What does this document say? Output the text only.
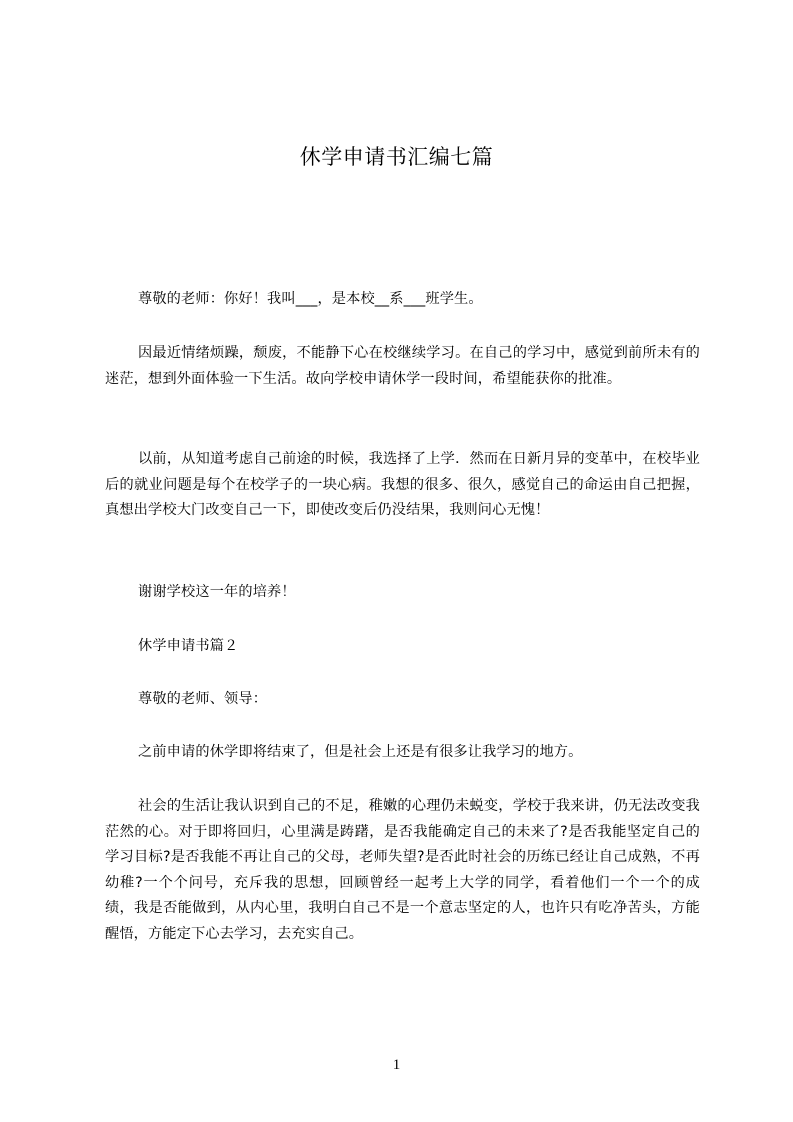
休学申请书汇编七篇

尊敬的老师：你好！我叫___，是本校__系___班学生。

因最近情绪烦躁，颓废，不能静下心在校继续学习。在自己的学习中，感觉到前所未有的迷茫，想到外面体验一下生活。故向学校申请休学一段时间，希望能获你的批准。

以前，从知道考虑自己前途的时候，我选择了上学．然而在日新月异的变革中，在校毕业后的就业问题是每个在校学子的一块心病。我想的很多、很久，感觉自己的命运由自己把握，真想出学校大门改变自己一下，即使改变后仍没结果，我则问心无愧！

谢谢学校这一年的培养！

休学申请书篇２

尊敬的老师、领导：

之前申请的休学即将结束了，但是社会上还是有很多让我学习的地方。

社会的生活让我认识到自己的不足，稚嫩的心理仍未蜕变，学校于我来讲，仍无法改变我茫然的心。对于即将回归，心里满是踌躇，是否我能确定自己的未来了?是否我能坚定自己的学习目标?是否我能不再让自己的父母，老师失望?是否此时社会的历练已经让自己成熟，不再幼稚?一个个问号，充斥我的思想，回顾曾经一起考上大学的同学，看着他们一个一个的成绩，我是否能做到，从内心里，我明白自己不是一个意志坚定的人，也许只有吃净苦头，方能醒悟，方能定下心去学习，去充实自己。

1
